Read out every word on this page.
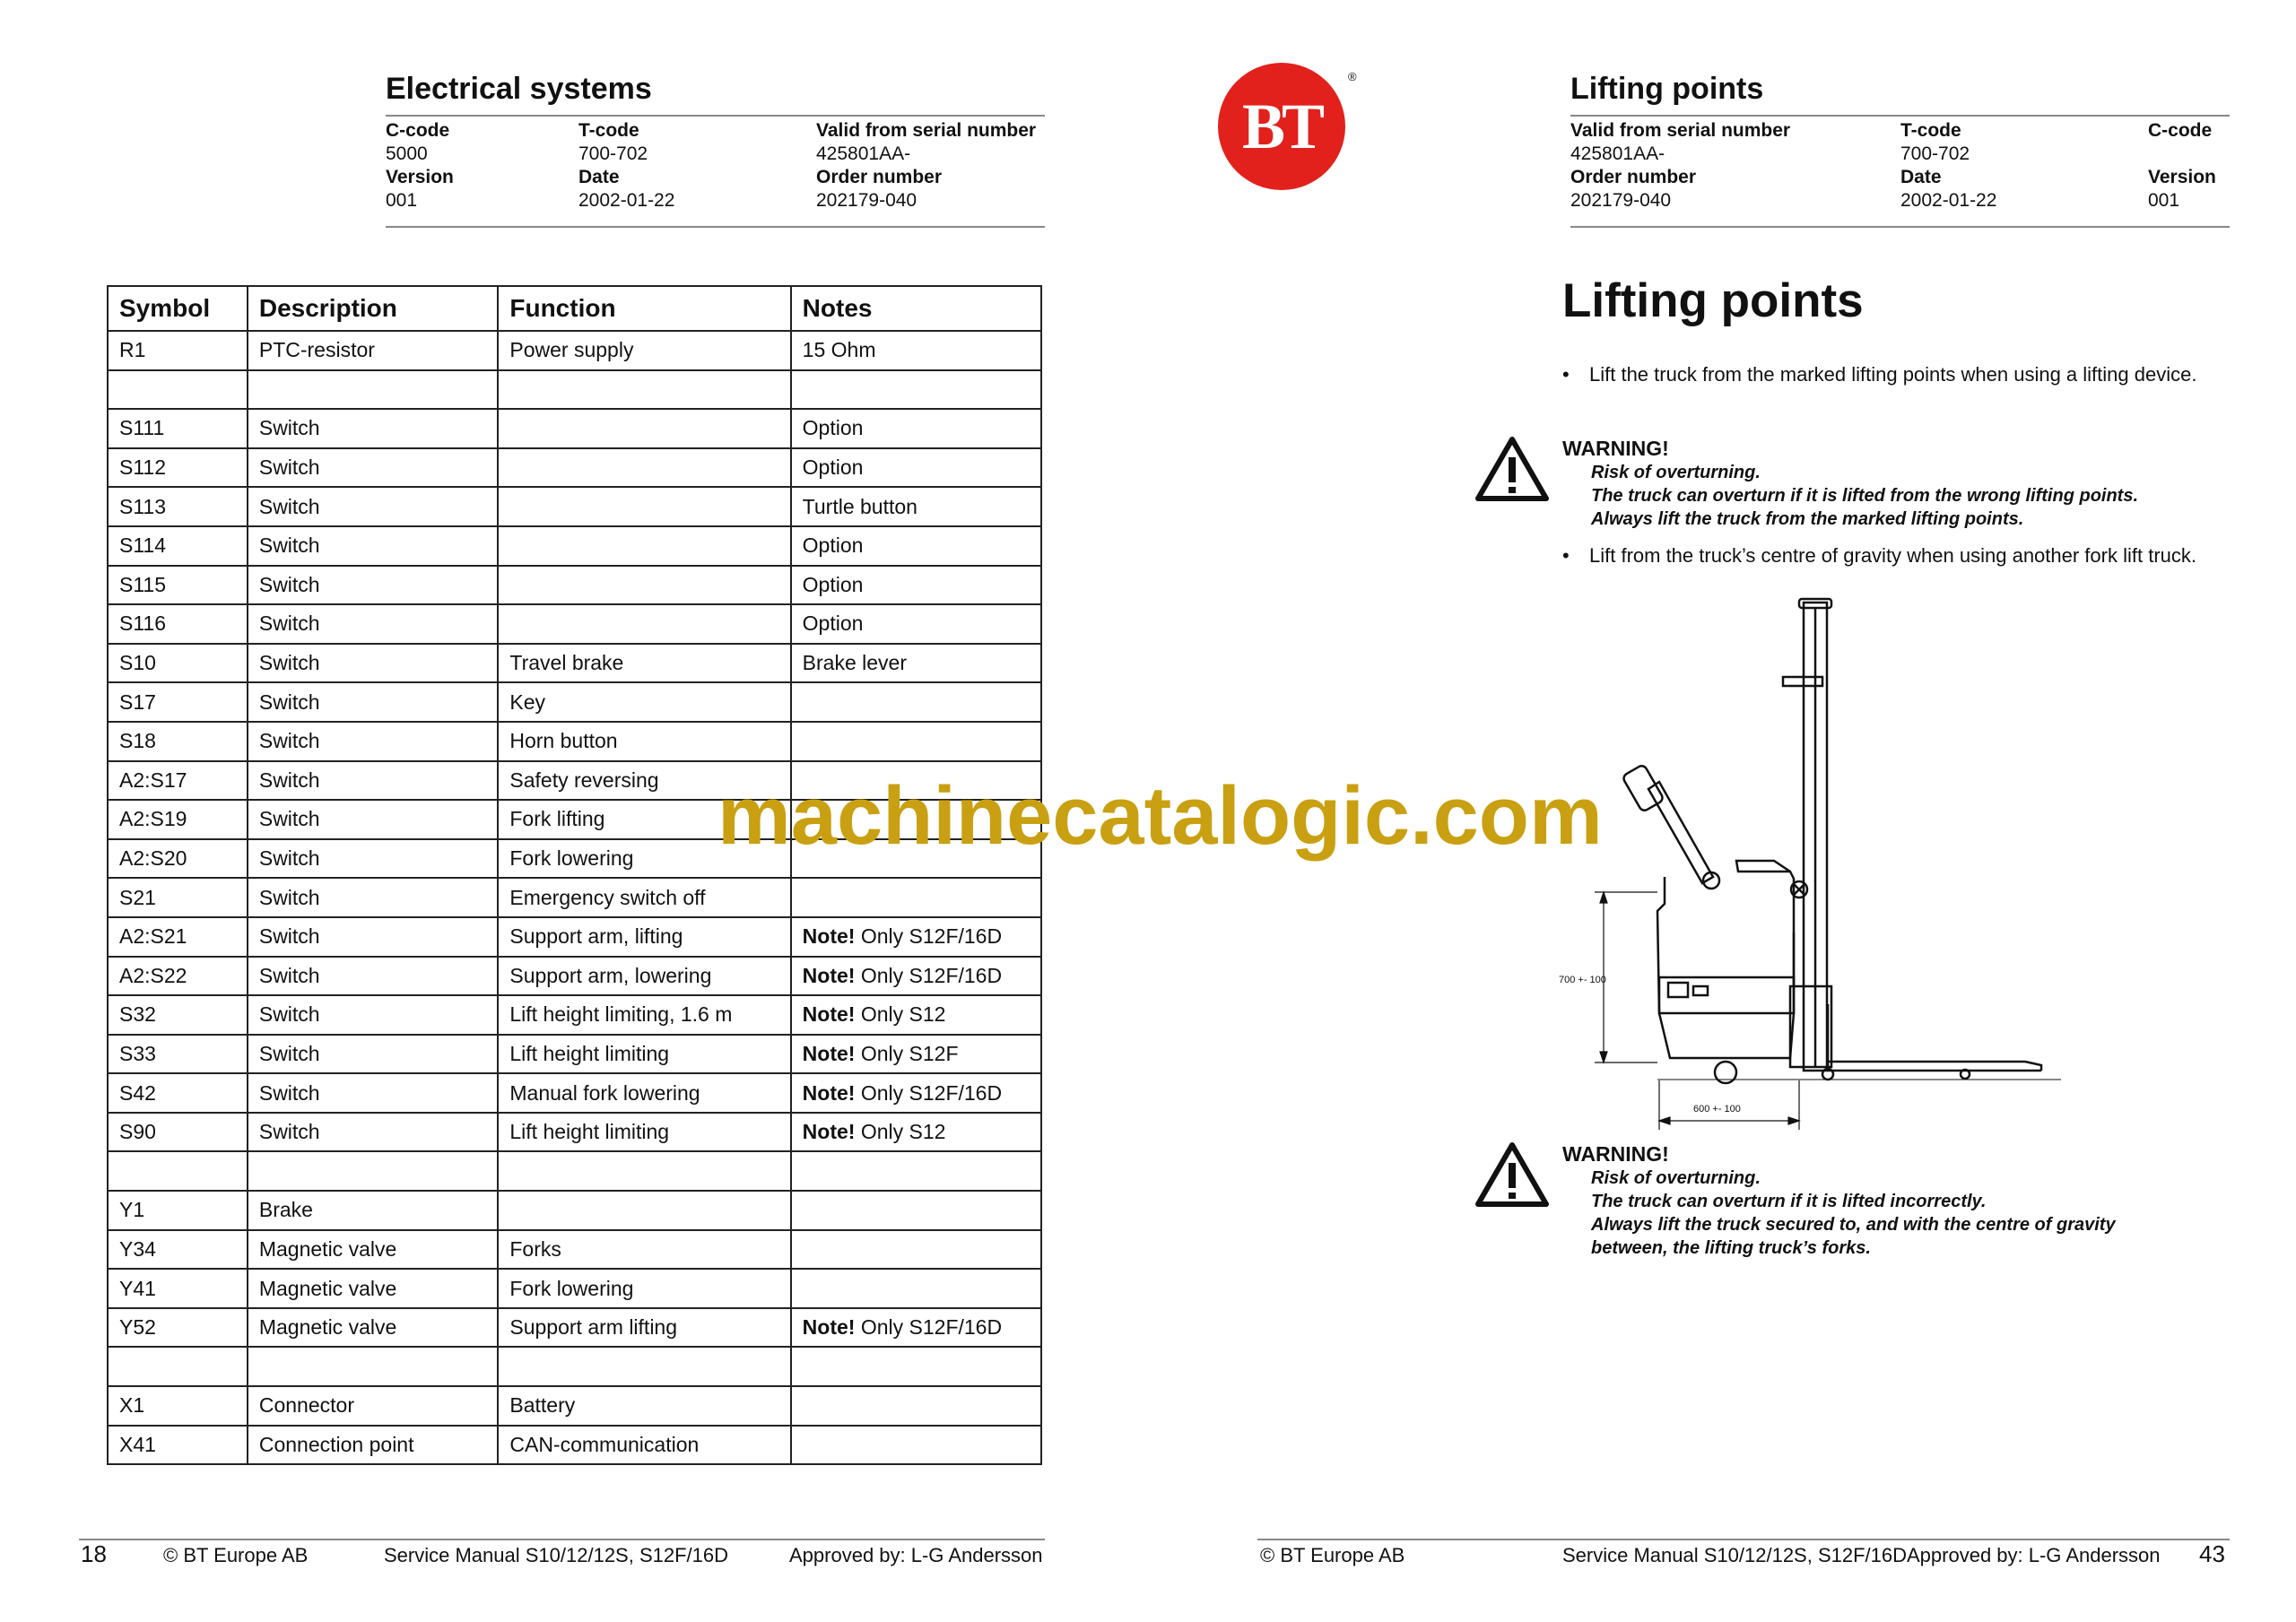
Electrical systems
C-code	T-code	Valid from serial number
5000	700-702	425801AA-
Version	Date	Order number
001	2002-01-22	202179-040
BT
®	Lifting points
Valid from serial number	T-code	C-code
425801AA-	700-702
Order number	Date	Version
202179-040	2002-01-22	001
Symbol	Description	Function	Notes
R1	PTC-resistor	Power supply	15 Ohm

S111	Switch		Option
S112	Switch		Option
S113	Switch		Turtle button
S114	Switch		Option
S115	Switch		Option
S116	Switch		Option
S10	Switch	Travel brake	Brake lever
S17	Switch	Key	
S18	Switch	Horn button	
A2:S17	Switch	Safety reversing	
A2:S19	Switch	Fork lifting	
A2:S20	Switch	Fork lowering	
S21	Switch	Emergency switch off	
A2:S21	Switch	Support arm, lifting	Note! Only S12F/16D
A2:S22	Switch	Support arm, lowering	Note! Only S12F/16D
S32	Switch	Lift height limiting, 1.6 m	Note! Only S12
S33	Switch	Lift height limiting	Note! Only S12F
S42	Switch	Manual fork lowering	Note! Only S12F/16D
S90	Switch	Lift height limiting	Note! Only S12

Y1	Brake		
Y34	Magnetic valve	Forks	
Y41	Magnetic valve	Fork lowering	
Y52	Magnetic valve	Support arm lifting	Note! Only S12F/16D

X1	Connector	Battery	
X41	Connection point	CAN-communication	
machinecatalogic.com
Lifting points
• Lift the truck from the marked lifting points when using a lifting device.
WARNING!
Risk of overturning.
The truck can overturn if it is lifted from the wrong lifting points.
Always lift the truck from the marked lifting points.
• Lift from the truck’s centre of gravity when using another fork lift truck.
700 +- 100
600 +- 100
WARNING!
Risk of overturning.
The truck can overturn if it is lifted incorrectly.
Always lift the truck secured to, and with the centre of gravity
between, the lifting truck’s forks.
18	© BT Europe AB	Service Manual S10/12/12S, S12F/16D	Approved by: L-G Andersson	© BT Europe AB	Service Manual S10/12/12S, S12F/16DApproved by: L-G Andersson 43
